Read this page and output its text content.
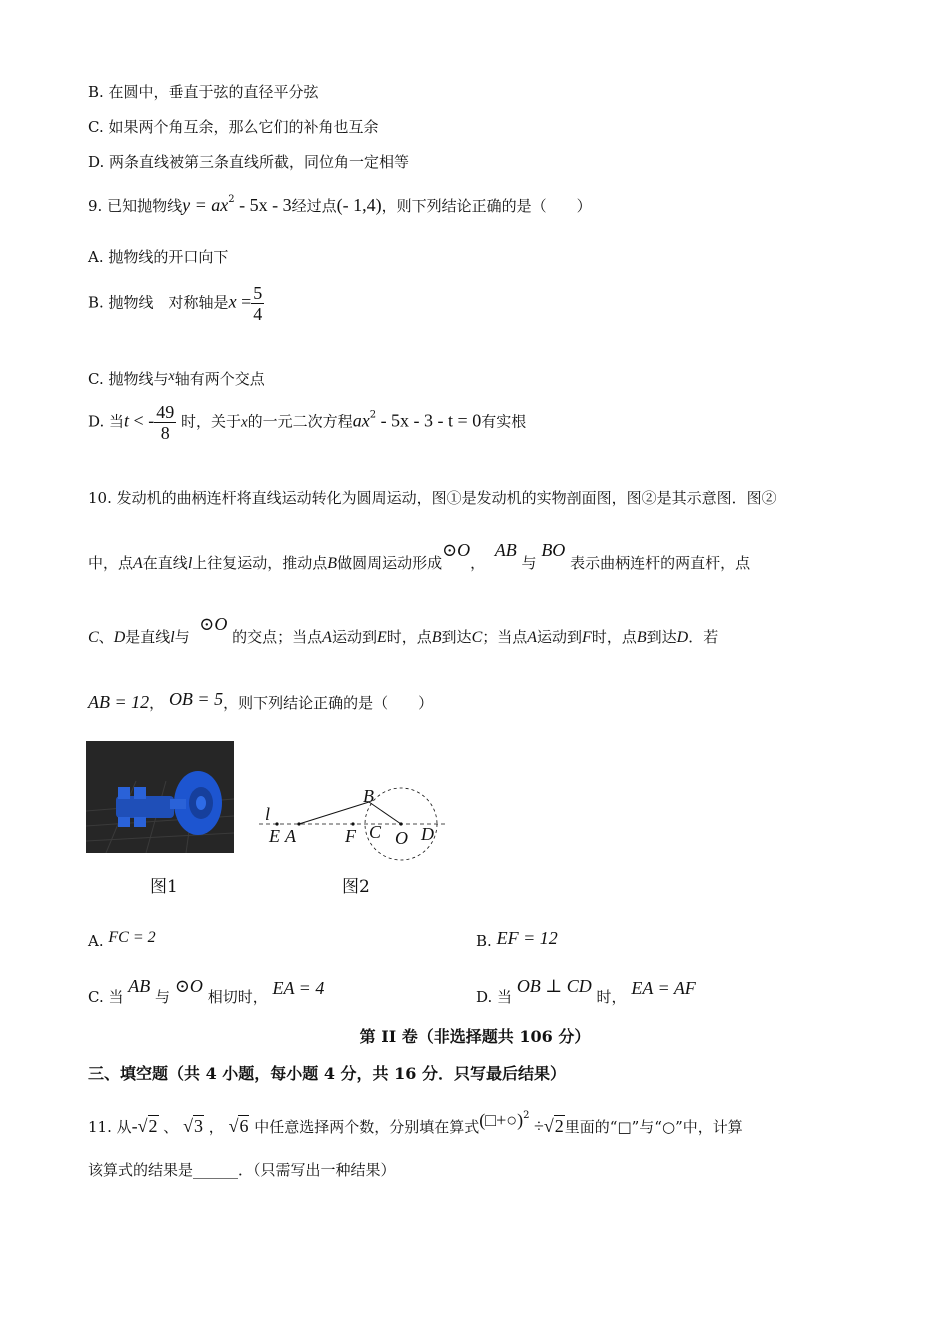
B. 在圆中，垂直于弦的直径平分弦
C. 如果两个角互余，那么它们的补角也互余
D. 两条直线被第三条直线所截，同位角一定相等
9. 已知抛物线$y = ax^2 - 5x - 3$经过点(- 1,4)，则下列结论正确的是（　　）
A. 抛物线的开口向下
B. 抛物线　对称轴是$x = \frac{5}{4}$
C. 抛物线与x轴有两个交点
D. 当t < - $\frac{49}{8}$ 时，关于x的一元二次方程$ax^2 - 5x - 3 - t = 0$有实根
10. 发动机的曲柄连杆将直线运动转化为圆周运动，图①是发动机的实物剖面图，图②是其示意图．图②
中，点A在直线l上往复运动，推动点B做圆周运动形成⊙O，  AB 与 BO 表示曲柄连杆的两直杆，点
C、D是直线l与  ⊙O 的交点；当点A运动到E时，点B到达C；当点A运动到F时，点B到达D．若
AB = 12， OB = 5，则下列结论正确的是（　　）
l
B
E A	F C O D
图1	图2
A. FC = 2	B. EF = 12
C. 当 AB 与 ⊙O 相切时， EA = 4	D. 当 OB ⊥ CD 时， EA = AF
第 II 卷（非选择题共 106 分）
三、填空题（共 4 小题，每小题 4 分，共 16 分．只写最后结果）
11. 从-√2 、 √3 ， √6 中任意选择两个数，分别填在算式(□+○)$^2$ ÷√2里面的“□”与“○”中，计算
该算式的结果是______．（只需写出一种结果）
